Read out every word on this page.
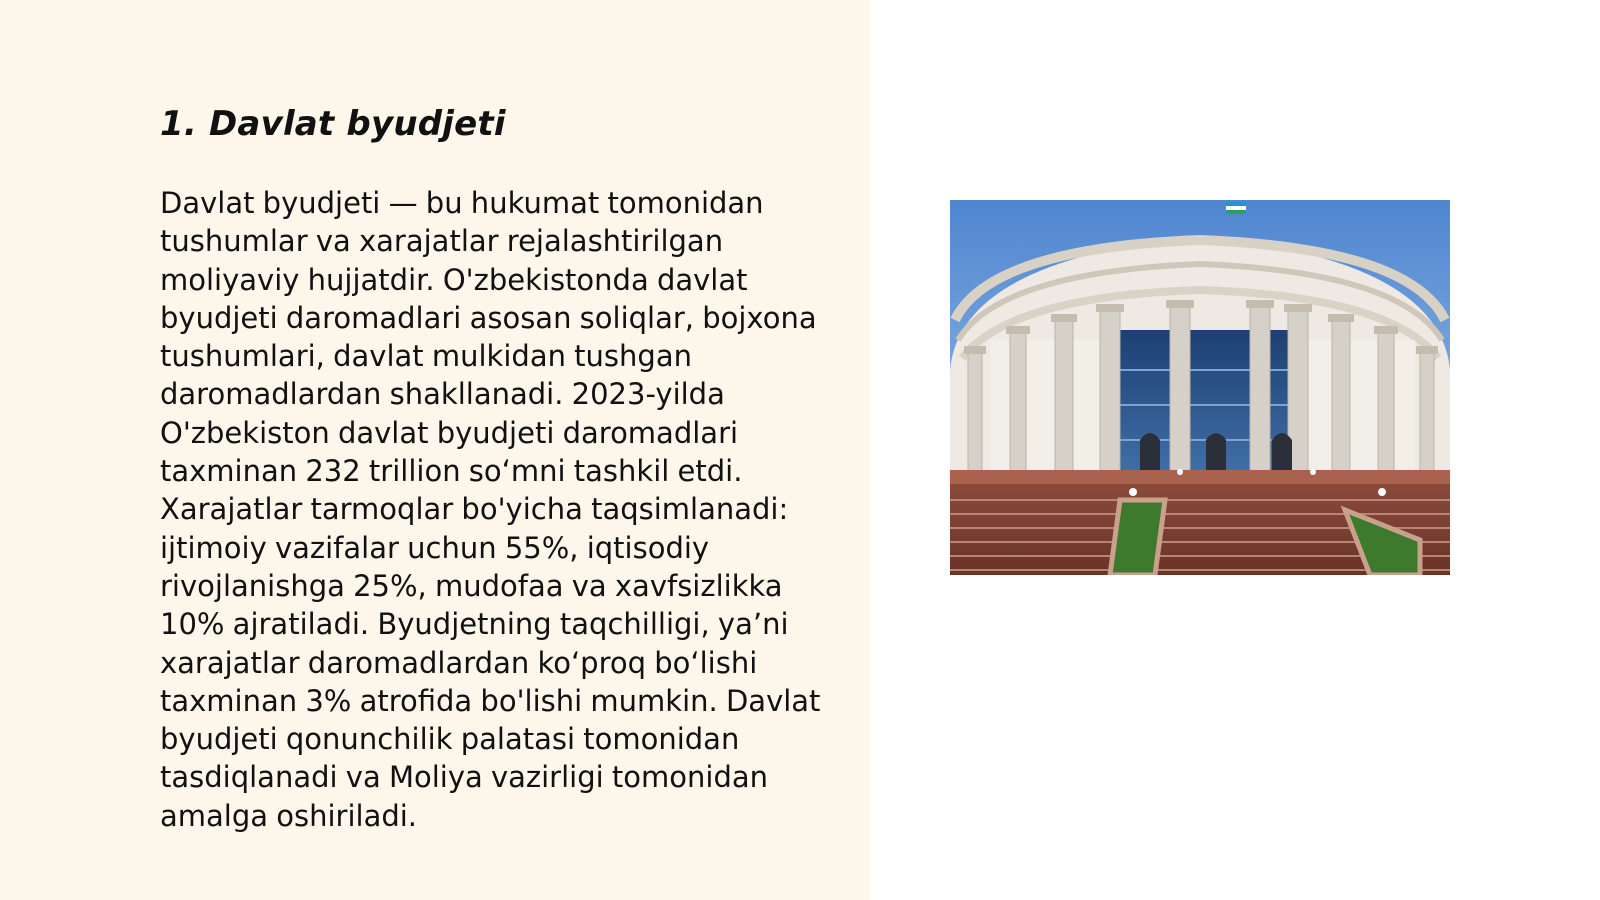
1. Davlat byudjeti

Davlat byudjeti — bu hukumat tomonidan tushumlar va xarajatlar rejalashtirilgan moliyaviy hujjatdir. O'zbekistonda davlat byudjeti daromadlari asosan soliqlar, bojxona tushumlari, davlat mulkidan tushgan daromadlardan shakllanadi. 2023-yilda O'zbekiston davlat byudjeti daromadlari taxminan 232 trillion so‘mni tashkil etdi. Xarajatlar tarmoqlar bo'yicha taqsimlanadi: ijtimoiy vazifalar uchun 55%, iqtisodiy rivojlanishga 25%, mudofaa va xavfsizlikka 10% ajratiladi. Byudjetning taqchilligi, ya’ni xarajatlar daromadlardan ko‘proq bo‘lishi taxminan 3% atrofida bo'lishi mumkin. Davlat byudjeti qonunchilik palatasi tomonidan tasdiqlanadi va Moliya vazirligi tomonidan amalga oshiriladi.
